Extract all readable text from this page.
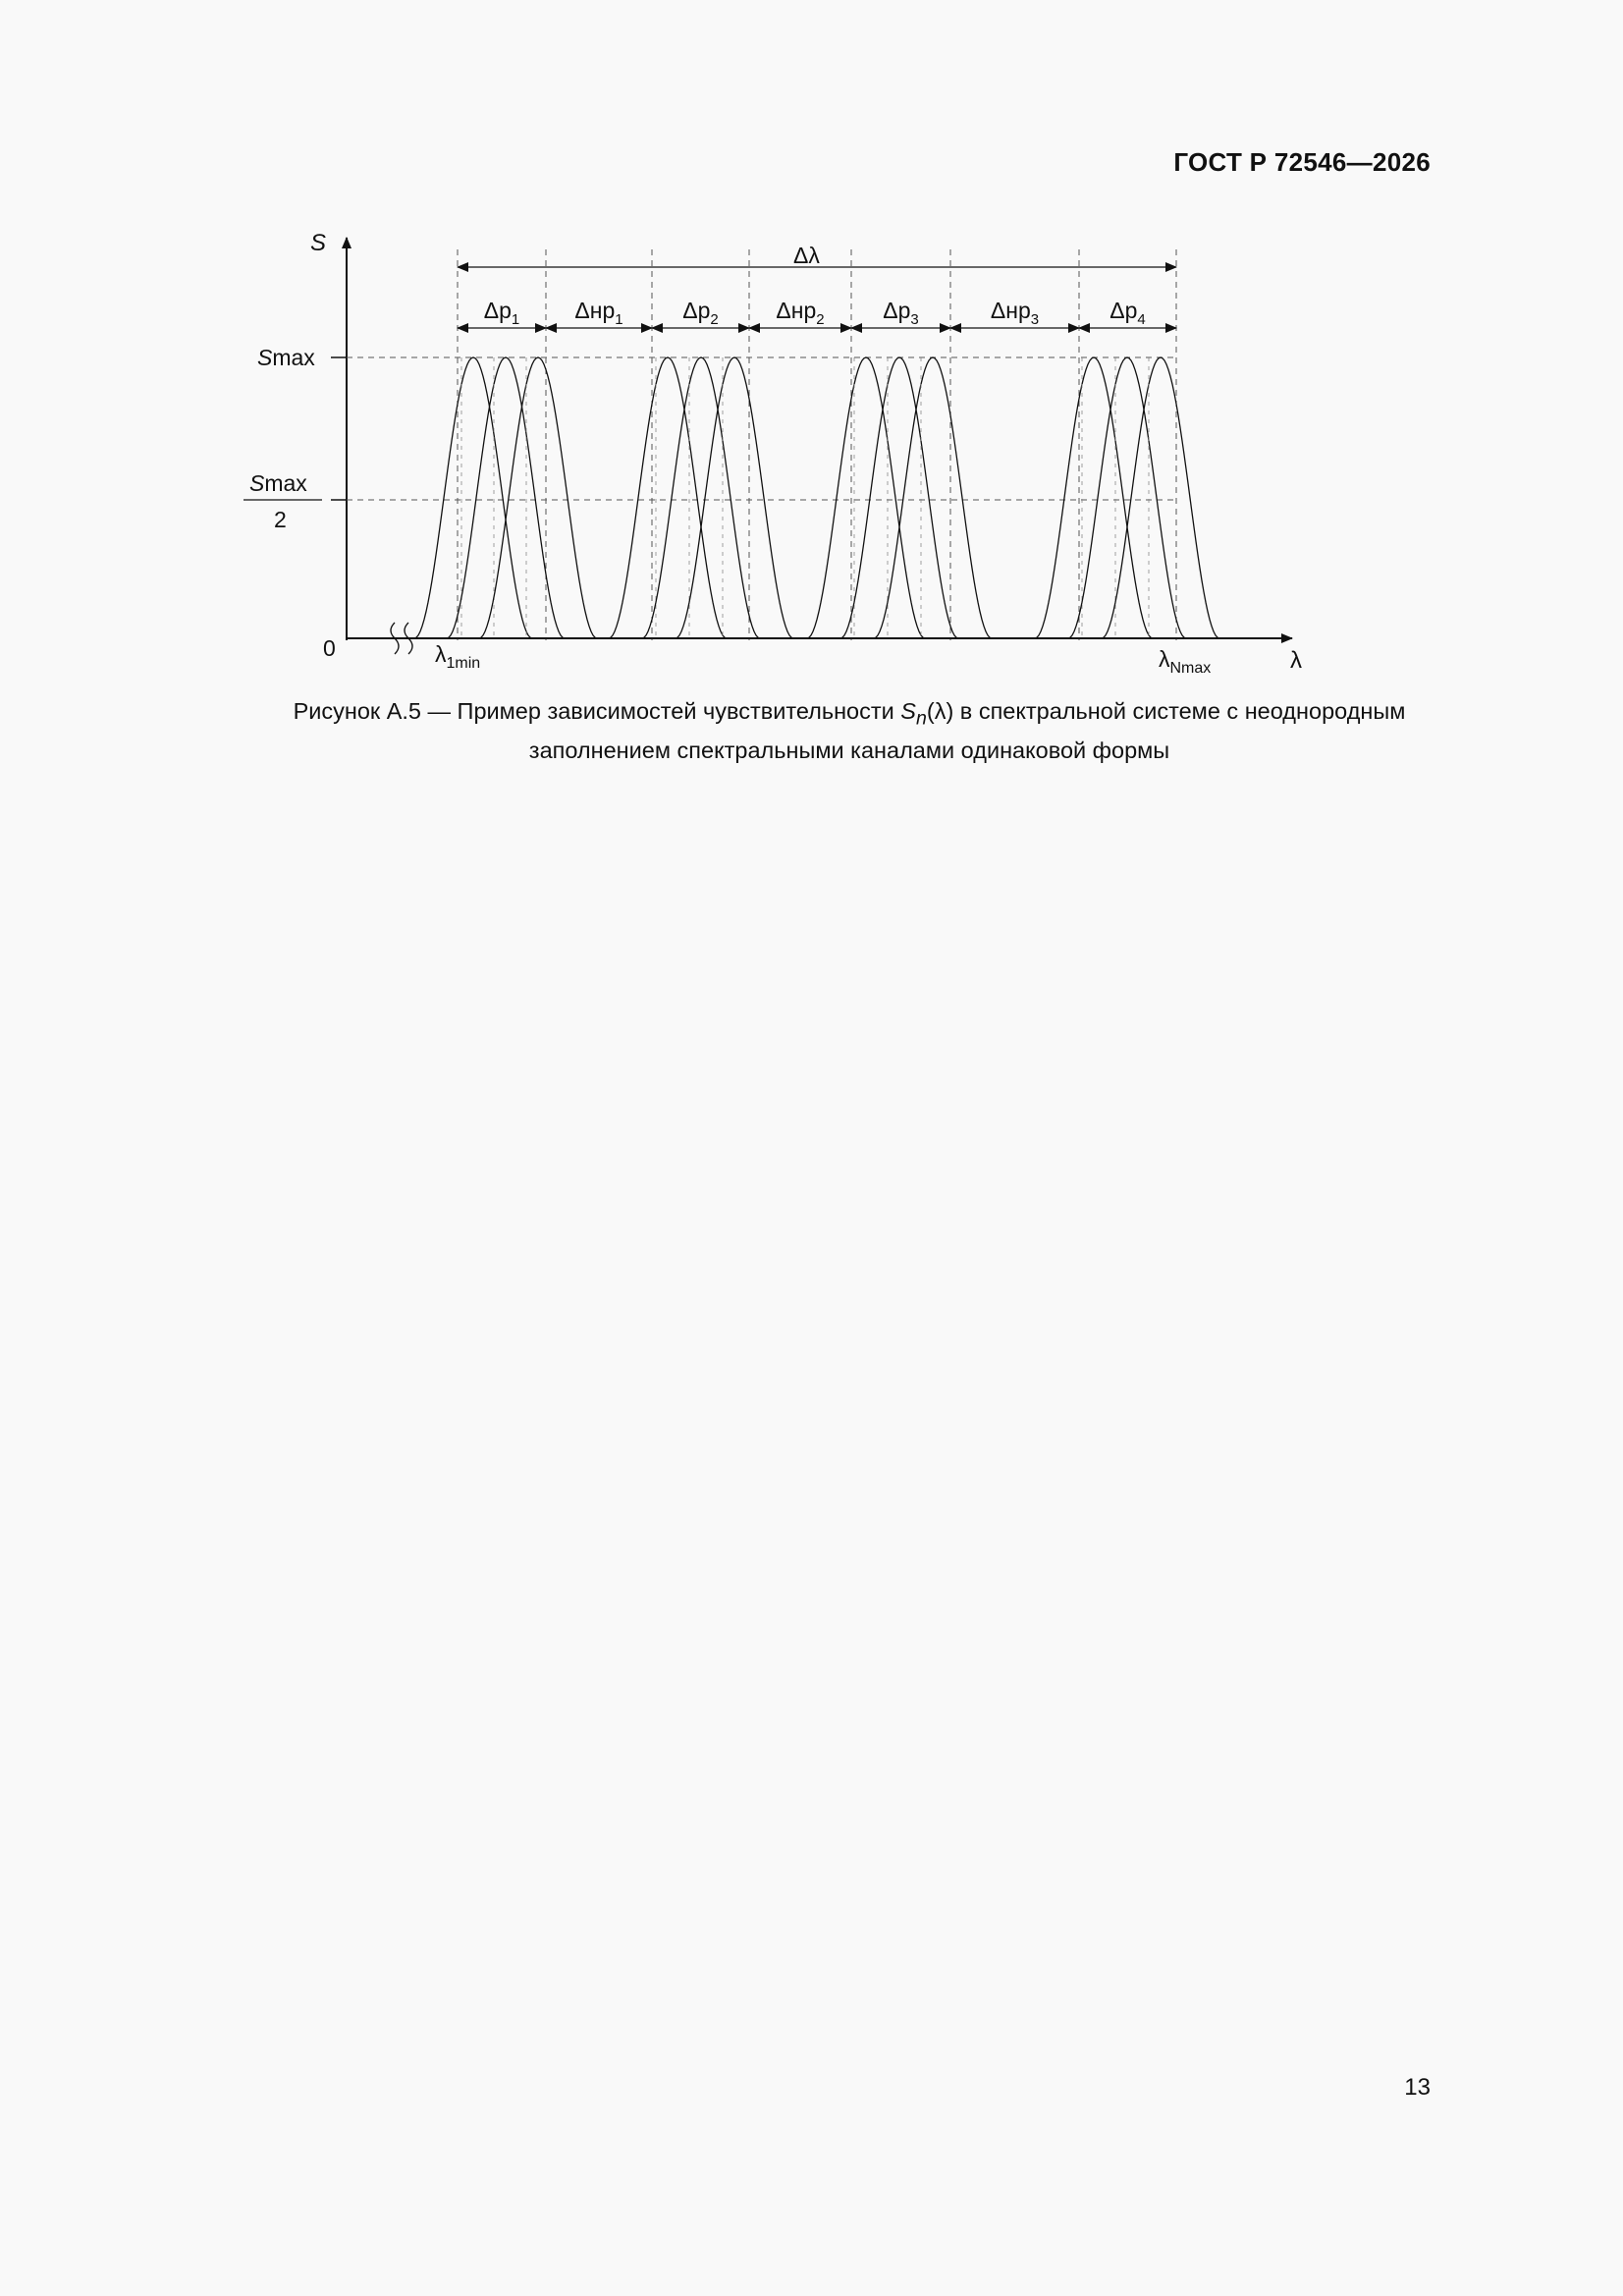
ГОСТ Р 72546—2026
S
Smax
Smax
2
0	λ
$\lambda_{1min}$	$\lambda_{Nmax}$
Δλ
$\Delta р_1$ Δнр$_1$	$\Delta р_2$	Δнр$_2$	$\Delta р_3$	Δнр$_3$	$\Delta р_4$
Рисунок А.5 — Пример зависимостей чувствительности $S_n(\lambda)$ в спектральной системе с неоднородным
заполнением спектральными каналами одинаковой формы
13
